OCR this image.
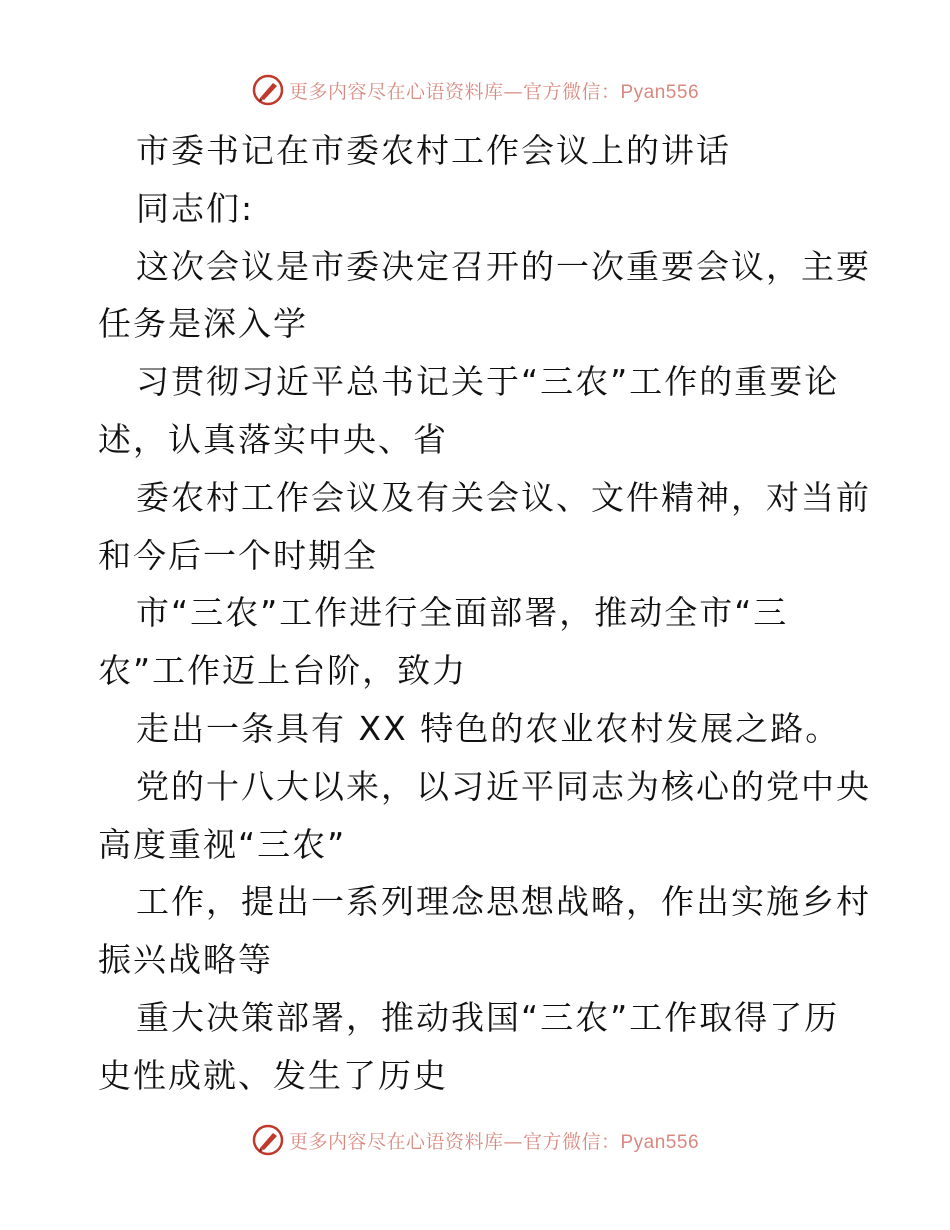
更多内容尽在心语资料库—官方微信：Pyan556
市委书记在市委农村工作会议上的讲话
同志们:
这次会议是市委决定召开的一次重要会议，主要
任务是深入学
习贯彻习近平总书记关于“三农”工作的重要论
述，认真落实中央、省
委农村工作会议及有关会议、文件精神，对当前
和今后一个时期全
市“三农”工作进行全面部署，推动全市“三
农”工作迈上台阶，致力
走出一条具有 XX 特色的农业农村发展之路。
党的十八大以来，以习近平同志为核心的党中央
高度重视“三农”
工作，提出一系列理念思想战略，作出实施乡村
振兴战略等
重大决策部署，推动我国“三农”工作取得了历
史性成就、发生了历史
更多内容尽在心语资料库—官方微信：Pyan556
